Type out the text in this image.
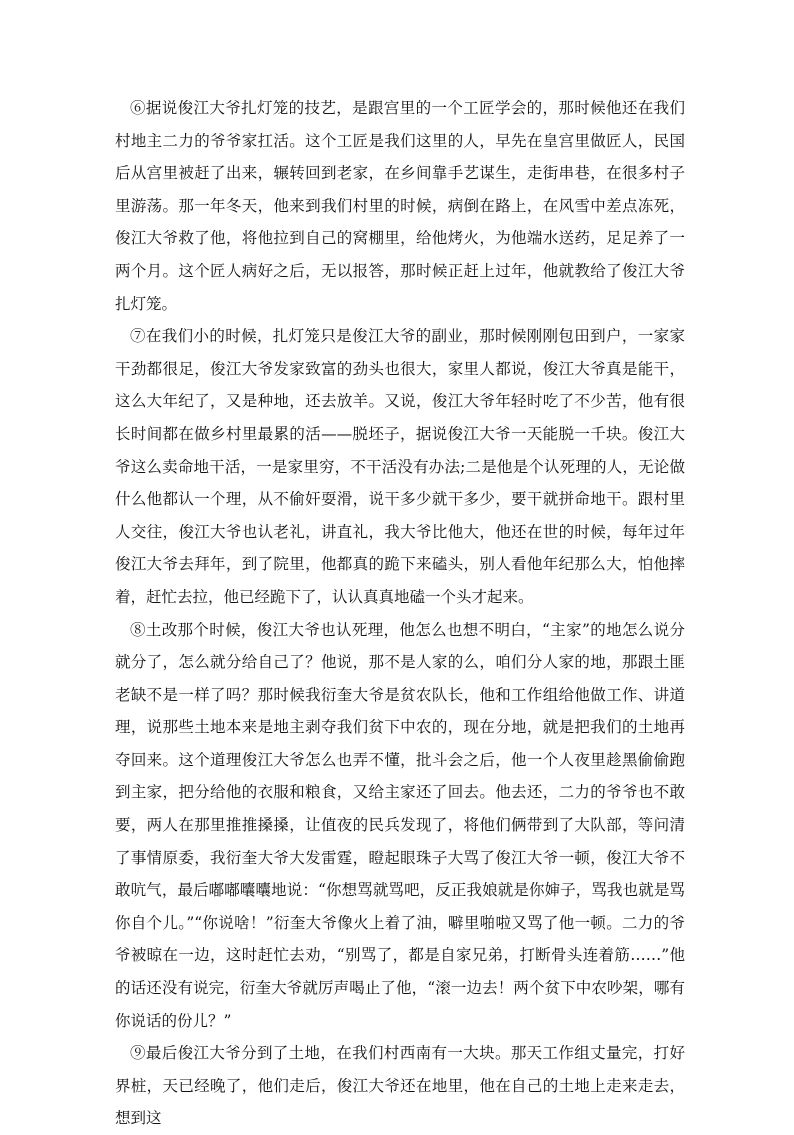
⑥据说俊江大爷扎灯笼的技艺，是跟宫里的一个工匠学会的，那时候他还在我们村地主二力的爷爷家扛活。这个工匠是我们这里的人，早先在皇宫里做匠人，民国后从宫里被赶了出来，辗转回到老家，在乡间靠手艺谋生，走街串巷，在很多村子里游荡。那一年冬天，他来到我们村里的时候，病倒在路上，在风雪中差点冻死，俊江大爷救了他，将他拉到自己的窝棚里，给他烤火，为他端水送药，足足养了一两个月。这个匠人病好之后，无以报答，那时候正赶上过年，他就教给了俊江大爷扎灯笼。

⑦在我们小的时候，扎灯笼只是俊江大爷的副业，那时候刚刚包田到户，一家家干劲都很足，俊江大爷发家致富的劲头也很大，家里人都说，俊江大爷真是能干，这么大年纪了，又是种地，还去放羊。又说，俊江大爷年轻时吃了不少苦，他有很长时间都在做乡村里最累的活——脱坯子，据说俊江大爷一天能脱一千块。俊江大爷这么卖命地干活，一是家里穷，不干活没有办法;二是他是个认死理的人，无论做什么他都认一个理，从不偷奸耍滑，说干多少就干多少，要干就拼命地干。跟村里人交往，俊江大爷也认老礼，讲直礼，我大爷比他大，他还在世的时候，每年过年俊江大爷去拜年，到了院里，他都真的跪下来磕头，别人看他年纪那么大，怕他摔着，赶忙去拉，他已经跪下了，认认真真地磕一个头才起来。

⑧土改那个时候，俊江大爷也认死理，他怎么也想不明白，“主家”的地怎么说分就分了，怎么就分给自己了？他说，那不是人家的么，咱们分人家的地，那跟土匪老缺不是一样了吗？那时候我衍奎大爷是贫农队长，他和工作组给他做工作、讲道理，说那些土地本来是地主剥夺我们贫下中农的，现在分地，就是把我们的土地再夺回来。这个道理俊江大爷怎么也弄不懂，批斗会之后，他一个人夜里趁黑偷偷跑到主家，把分给他的衣服和粮食，又给主家还了回去。他去还，二力的爷爷也不敢要，两人在那里推推搡搡，让值夜的民兵发现了，将他们俩带到了大队部，等问清了事情原委，我衍奎大爷大发雷霆，瞪起眼珠子大骂了俊江大爷一顿，俊江大爷不敢吭气，最后嘟嘟囔囔地说：“你想骂就骂吧，反正我娘就是你婶子，骂我也就是骂你自个儿。”“你说啥！”衍奎大爷像火上着了油，噼里啪啦又骂了他一顿。二力的爷爷被晾在一边，这时赶忙去劝，“别骂了，都是自家兄弟，打断骨头连着筋……”他的话还没有说完，衍奎大爷就厉声喝止了他，“滚一边去！两个贫下中农吵架，哪有你说话的份儿？”

⑨最后俊江大爷分到了土地，在我们村西南有一大块。那天工作组丈量完，打好界桩，天已经晚了，他们走后，俊江大爷还在地里，他在自己的土地上走来走去，想到这
